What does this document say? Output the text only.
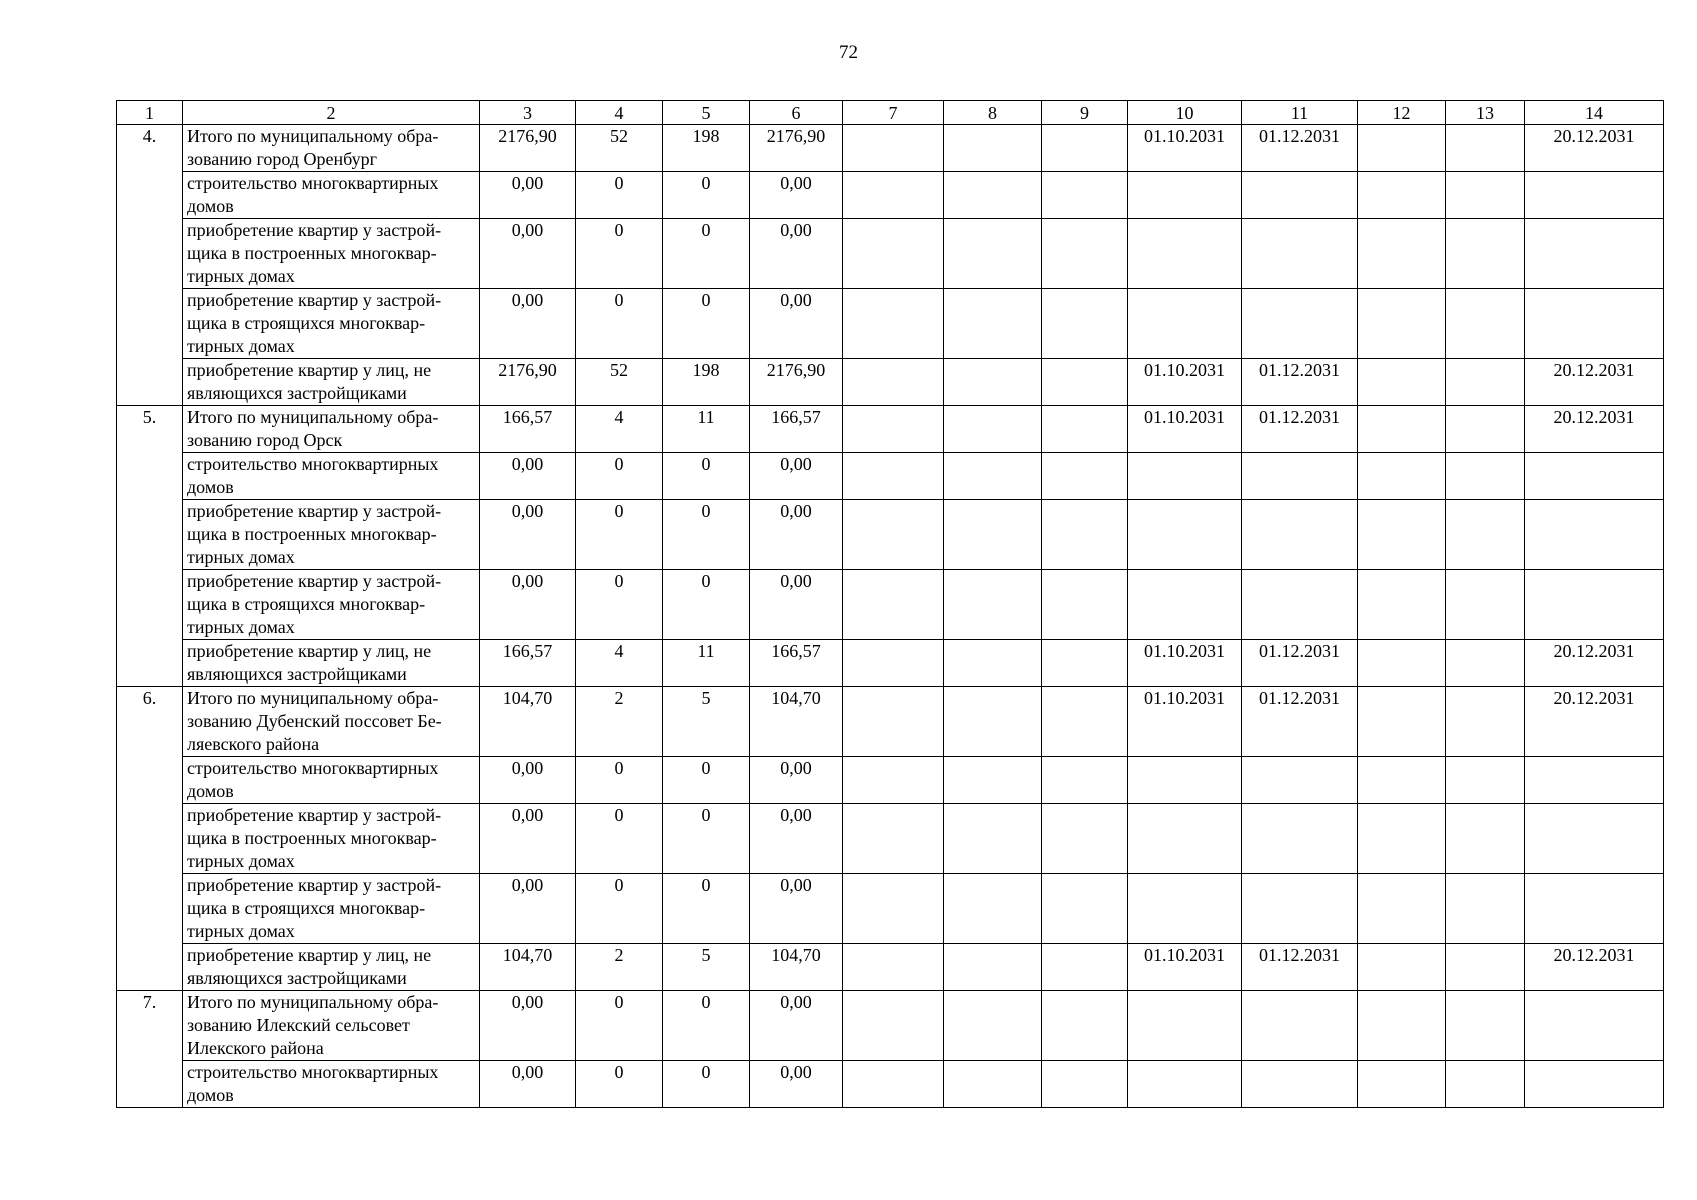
72
1	2	3	4	5	6	7	8	9	10	11	12	13	14
4.	Итого по муниципальному обра-зованию город Оренбург	2176,90	52	198	2176,90				01.10.2031	01.12.2031			20.12.2031
	строительство многоквартирных домов	0,00	0	0	0,00								
	приобретение квартир у застрой-щика в построенных многоквар-тирных домах	0,00	0	0	0,00								
	приобретение квартир у застрой-щика в строящихся многоквар-тирных домах	0,00	0	0	0,00								
	приобретение квартир у лиц, не являющихся застройщиками	2176,90	52	198	2176,90				01.10.2031	01.12.2031			20.12.2031
5.	Итого по муниципальному обра-зованию город Орск	166,57	4	11	166,57				01.10.2031	01.12.2031			20.12.2031
	строительство многоквартирных домов	0,00	0	0	0,00								
	приобретение квартир у застрой-щика в построенных многоквар-тирных домах	0,00	0	0	0,00								
	приобретение квартир у застрой-щика в строящихся многоквар-тирных домах	0,00	0	0	0,00								
	приобретение квартир у лиц, не являющихся застройщиками	166,57	4	11	166,57				01.10.2031	01.12.2031			20.12.2031
6.	Итого по муниципальному обра-зованию Дубенский поссовет Бе-ляевского района	104,70	2	5	104,70				01.10.2031	01.12.2031			20.12.2031
	строительство многоквартирных домов	0,00	0	0	0,00								
	приобретение квартир у застрой-щика в построенных многоквар-тирных домах	0,00	0	0	0,00								
	приобретение квартир у застрой-щика в строящихся многоквар-тирных домах	0,00	0	0	0,00								
	приобретение квартир у лиц, не являющихся застройщиками	104,70	2	5	104,70				01.10.2031	01.12.2031			20.12.2031
7.	Итого по муниципальному обра-зованию Илекский сельсовет Илекского района	0,00	0	0	0,00								
	строительство многоквартирных домов	0,00	0	0	0,00								
